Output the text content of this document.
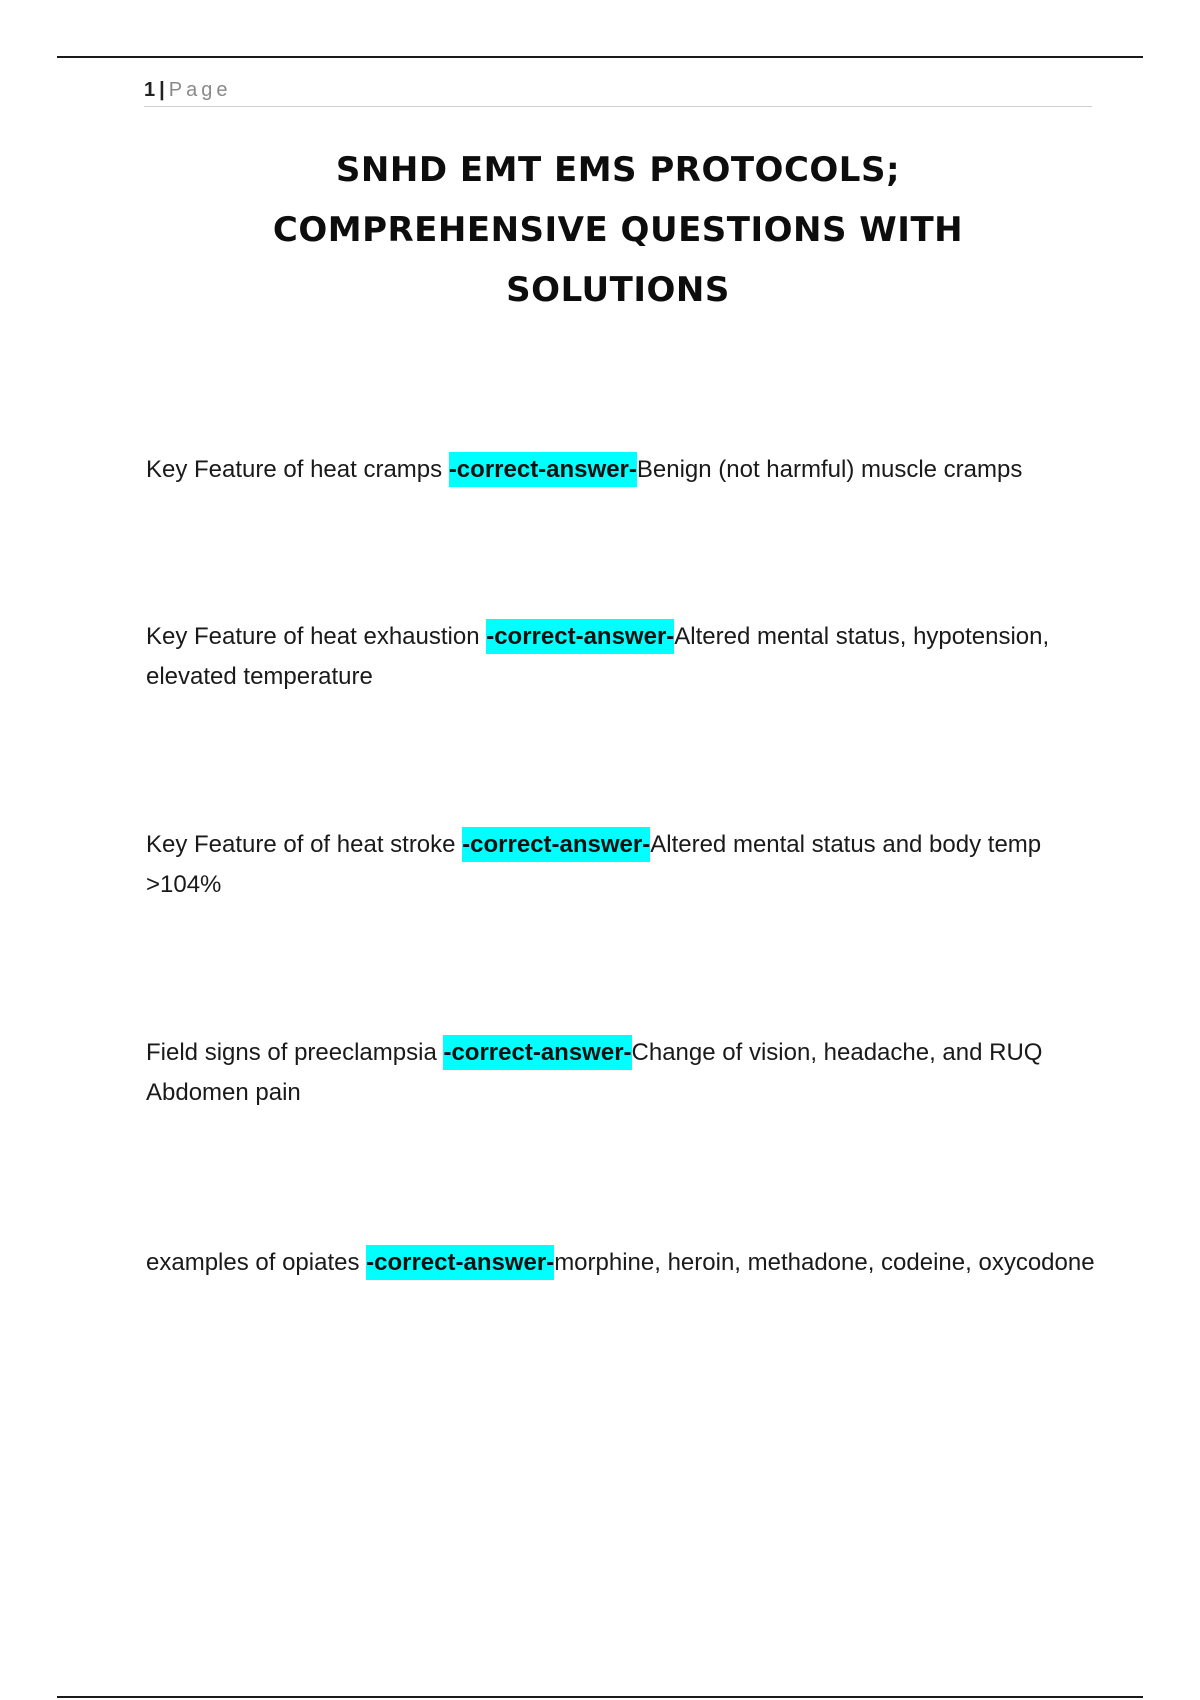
1 | Page
SNHD EMT EMS PROTOCOLS;
COMPREHENSIVE QUESTIONS WITH
SOLUTIONS
Key Feature of heat cramps -correct-answer-Benign (not harmful) muscle cramps
Key Feature of heat exhaustion -correct-answer-Altered mental status, hypotension, elevated temperature
Key Feature of of heat stroke -correct-answer-Altered mental status and body temp >104%
Field signs of preeclampsia -correct-answer-Change of vision, headache, and RUQ Abdomen pain
examples of opiates -correct-answer-morphine, heroin, methadone, codeine, oxycodone
